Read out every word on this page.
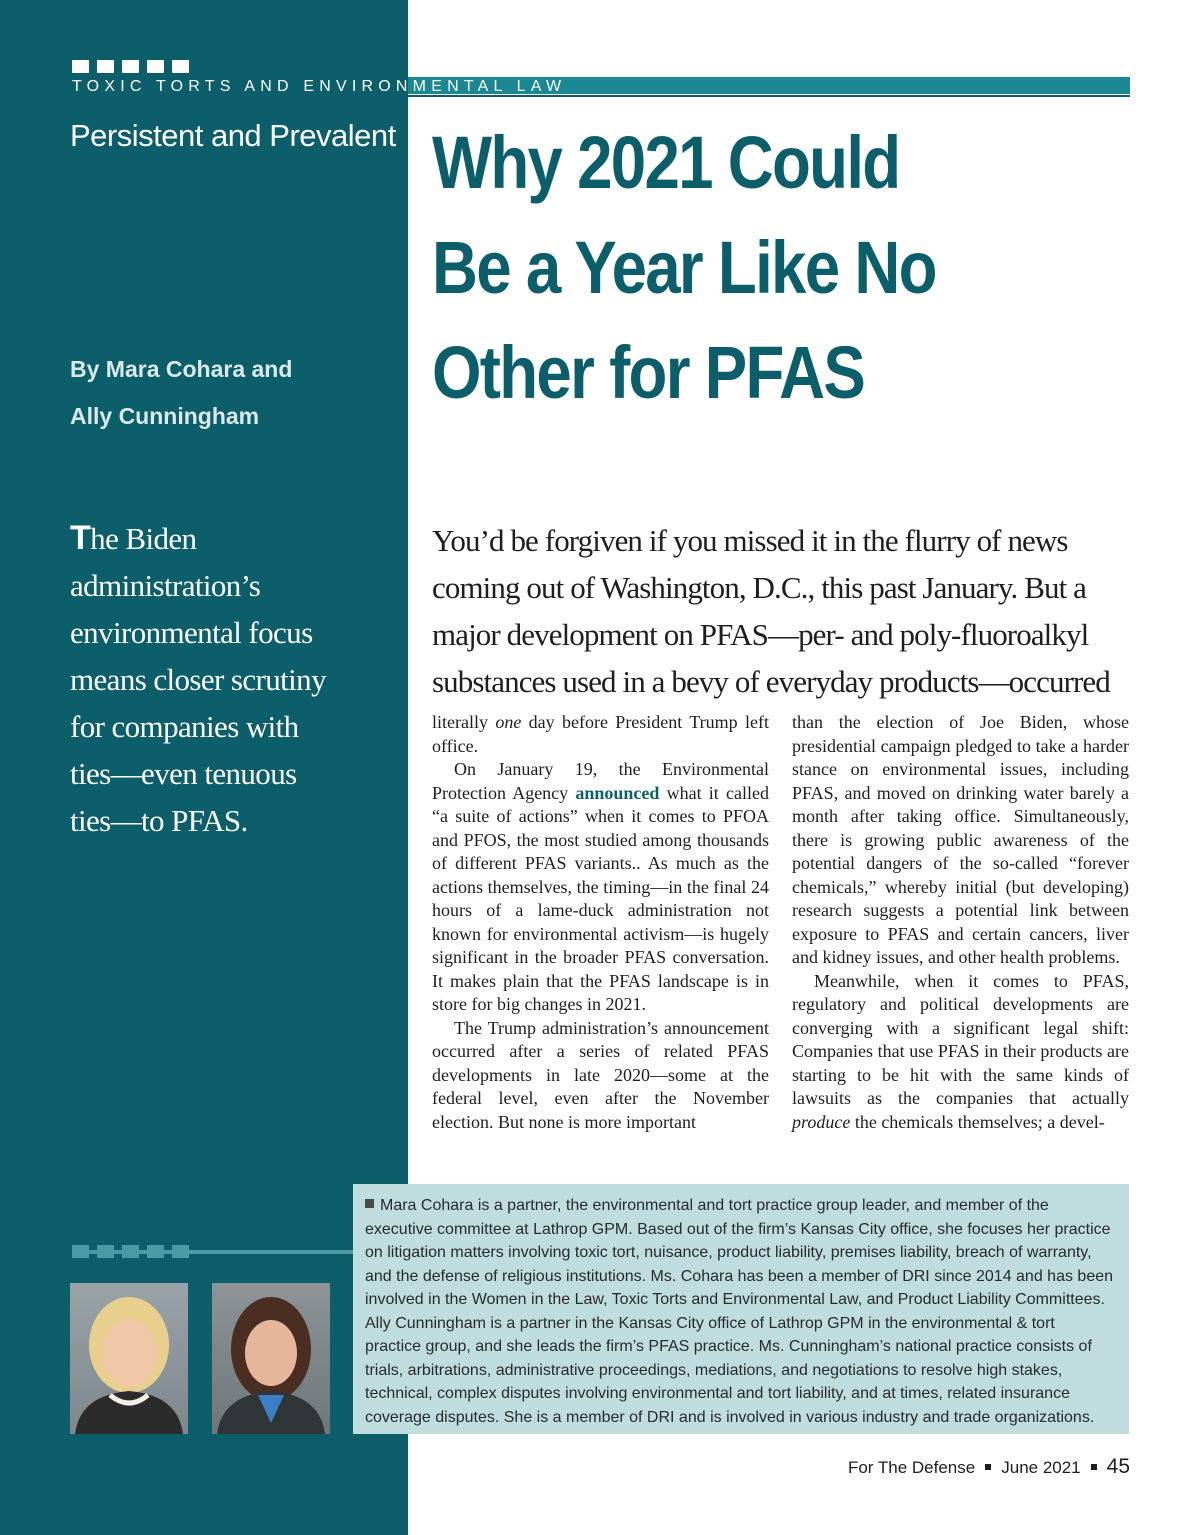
TOXIC TORTS AND ENVIRONMENTAL LAW
Persistent and Prevalent Why 2021 Could
Be a Year Like No
Other for PFAS
By Mara Cohara and
Ally Cunningham
The Biden
administration’s
environmental focus
means closer scrutiny
for companies with
ties—even tenuous
ties—to PFAS.
You’d be forgiven if you missed it in the flurry of news
coming out of Washington, D.C., this past January. But a
major development on PFAS—per- and poly-fluoroalkyl
substances used in a bevy of everyday products—occurred

literally one day before President Trump left office.

On January 19, the Environmental Protection Agency announced what it called “a suite of actions” when it comes to PFOA and PFOS, the most studied among thousands of different PFAS variants.. As much as the actions themselves, the timing—in the final 24 hours of a lame-duck administration not known for environmental activism—is hugely significant in the broader PFAS conversation. It makes plain that the PFAS landscape is in store for big changes in 2021.

The Trump administration’s announcement occurred after a series of related PFAS developments in late 2020—some at the federal level, even after the November election. But none is more important

than the election of Joe Biden, whose presidential campaign pledged to take a harder stance on environmental issues, including PFAS, and moved on drinking water barely a month after taking office. Simultaneously, there is growing public awareness of the potential dangers of the so-called “forever chemicals,” whereby initial (but developing) research suggests a potential link between exposure to PFAS and certain cancers, liver and kidney issues, and other health problems.

Meanwhile, when it comes to PFAS, regulatory and political developments are converging with a significant legal shift: Companies that use PFAS in their products are starting to be hit with the same kinds of lawsuits as the companies that actually produce the chemicals themselves; a devel-

Mara Cohara is a partner, the environmental and tort practice group leader, and member of the executive committee at Lathrop GPM. Based out of the firm’s Kansas City office, she focuses her practice on litigation matters involving toxic tort, nuisance, product liability, premises liability, breach of warranty, and the defense of religious institutions. Ms. Cohara has been a member of DRI since 2014 and has been involved in the Women in the Law, Toxic Torts and Environmental Law, and Product Liability Committees. Ally Cunningham is a partner in the Kansas City office of Lathrop GPM in the environmental & tort practice group, and she leads the firm’s PFAS practice. Ms. Cunningham’s national practice consists of trials, arbitrations, administrative proceedings, mediations, and negotiations to resolve high stakes, technical, complex disputes involving environmental and tort liability, and at times, related insurance coverage disputes. She is a member of DRI and is involved in various industry and trade organizations.
For The Defense June 2021 45
